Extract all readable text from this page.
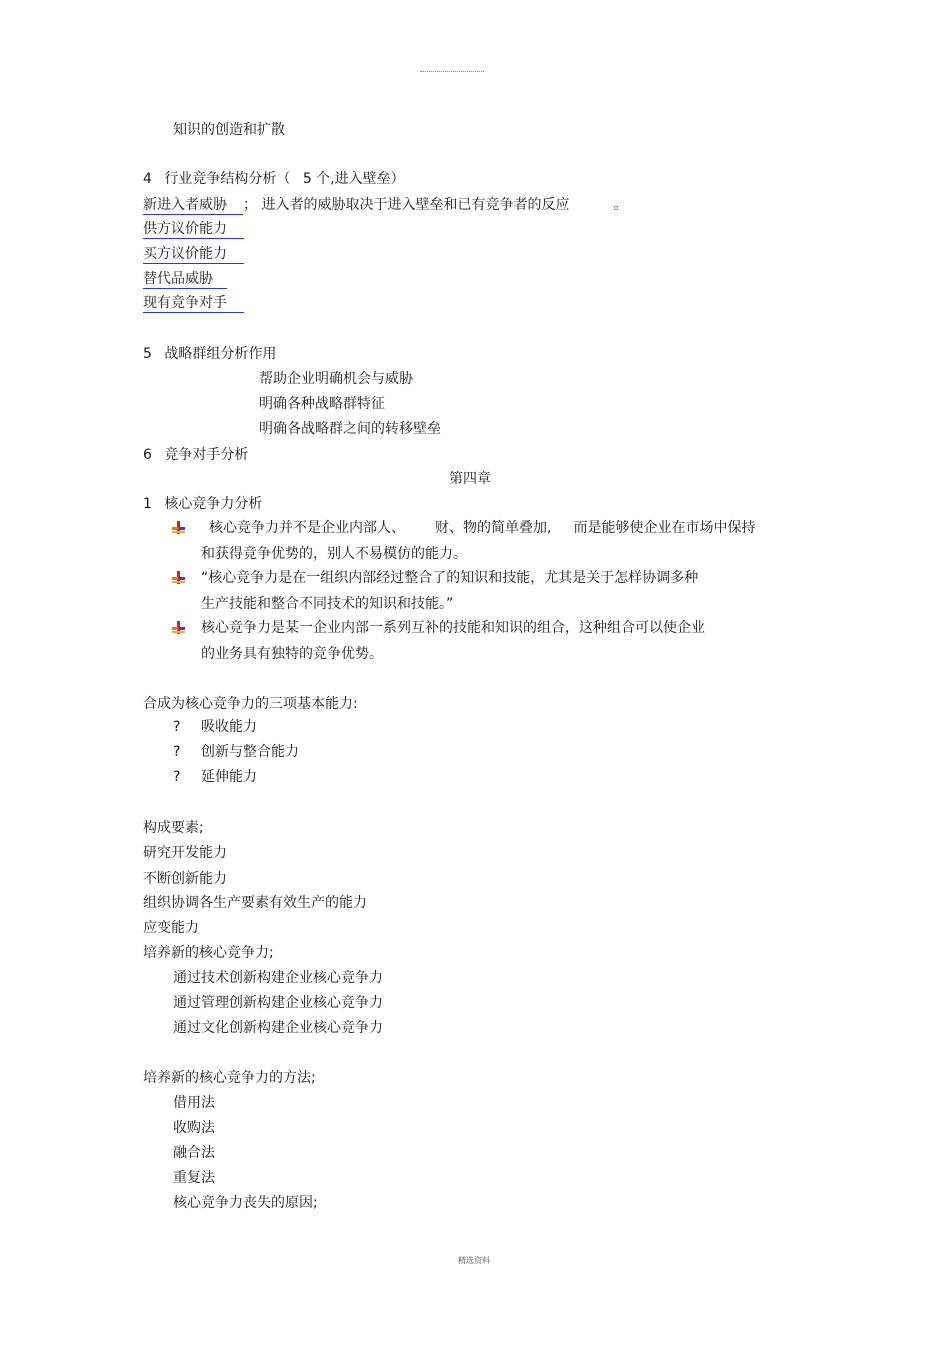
知识的创造和扩散
4 行业竞争结构分析（ 5 个,进入壁垒）
新进入者威胁 ； 进入者的威胁取决于进入壁垒和已有竞争者的反应	。
供方议价能力
买方议价能力
替代品威胁
现有竞争对手
5 战略群组分析作用
帮助企业明确机会与威胁
明确各种战略群特征
明确各战略群之间的转移壁垒
6 竞争对手分析
第四章
1 核心竞争力分析
核心竞争力并不是企业内部人、 财、物的简单叠加, 而是能够使企业在市场中保持
和获得竞争优势的，别人不易模仿的能力。
“核心竞争力是在一组织内部经过整合了的知识和技能，尤其是关于怎样协调多种
生产技能和整合不同技术的知识和技能。”
核心竞争力是某一企业内部一系列互补的技能和知识的组合，这种组合可以使企业
的业务具有独特的竞争优势。
合成为核心竞争力的三项基本能力:
? 吸收能力
? 创新与整合能力
? 延伸能力
构成要素;
研究开发能力
不断创新能力
组织协调各生产要素有效生产的能力
应变能力
培养新的核心竞争力;
通过技术创新构建企业核心竞争力
通过管理创新构建企业核心竞争力
通过文化创新构建企业核心竞争力
培养新的核心竞争力的方法;
借用法
收购法
融合法
重复法
核心竞争力丧失的原因;
精选资料
